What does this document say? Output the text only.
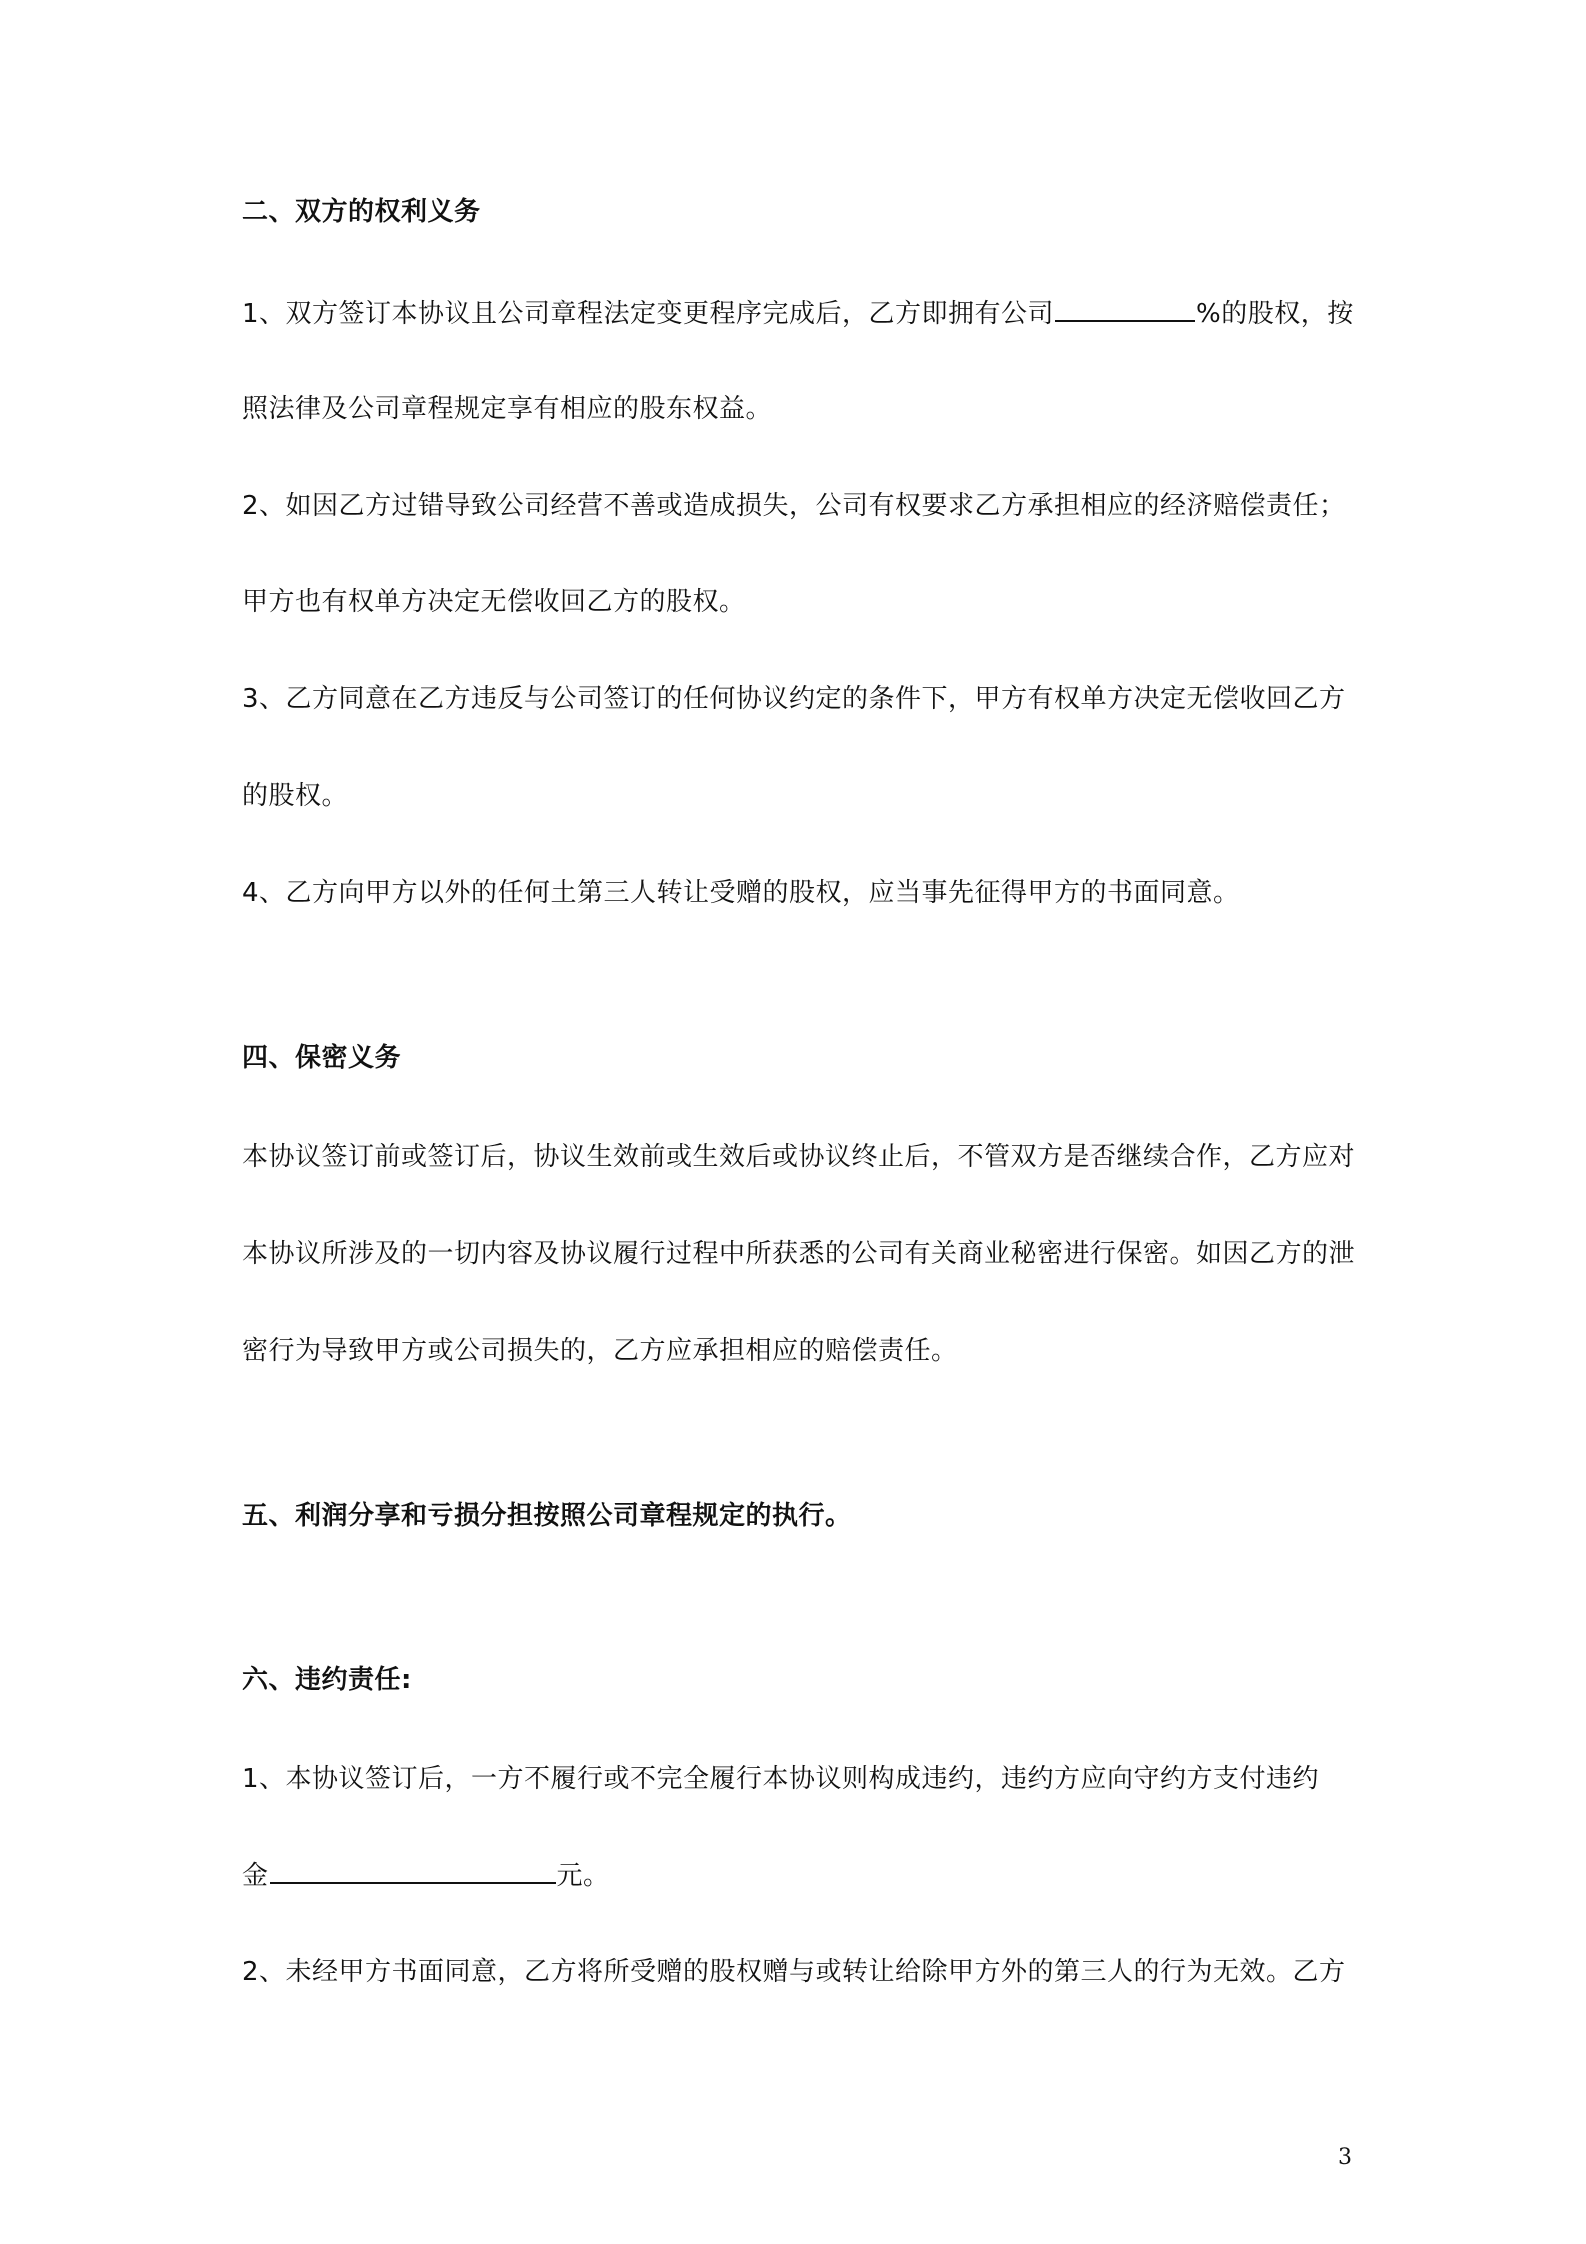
二、双方的权利义务
1、双方签订本协议且公司章程法定变更程序完成后，乙方即拥有公司	%的股权，按
照法律及公司章程规定享有相应的股东权益。
2、如因乙方过错导致公司经营不善或造成损失，公司有权要求乙方承担相应的经济赔偿责任；
甲方也有权单方决定无偿收回乙方的股权。
3、乙方同意在乙方违反与公司签订的任何协议约定的条件下，甲方有权单方决定无偿收回乙方
的股权。
4、乙方向甲方以外的任何土第三人转让受赠的股权，应当事先征得甲方的书面同意。
四、保密义务
本协议签订前或签订后，协议生效前或生效后或协议终止后，不管双方是否继续合作，乙方应对
本协议所涉及的一切内容及协议履行过程中所获悉的公司有关商业秘密进行保密。如因乙方的泄
密行为导致甲方或公司损失的，乙方应承担相应的赔偿责任。
五、利润分享和亏损分担按照公司章程规定的执行。
六、违约责任:
1、本协议签订后，一方不履行或不完全履行本协议则构成违约，违约方应向守约方支付违约
金	元。
2、未经甲方书面同意，乙方将所受赠的股权赠与或转让给除甲方外的第三人的行为无效。乙方
3
